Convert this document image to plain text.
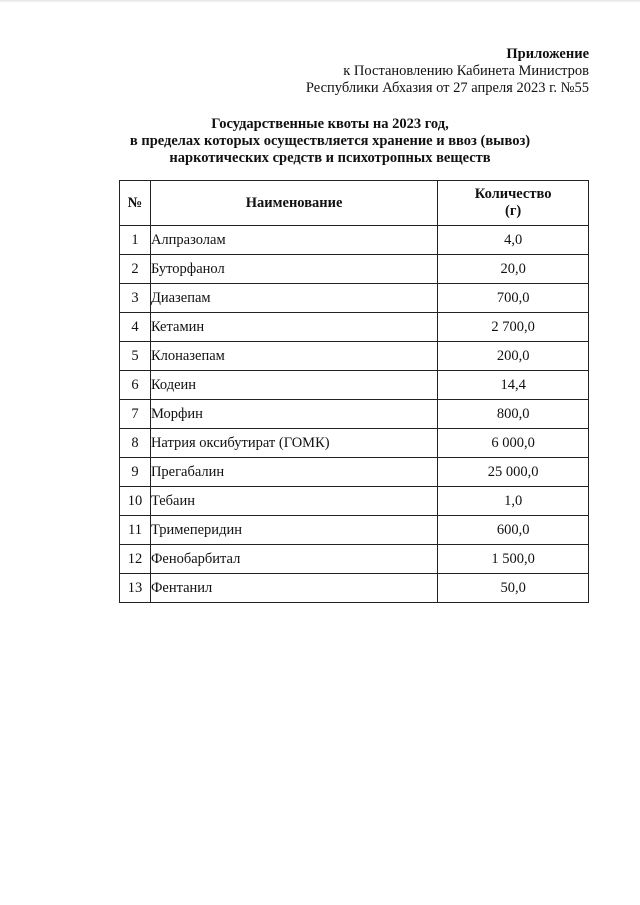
Приложение
к Постановлению Кабинета Министров
Республики Абхазия от 27 апреля 2023 г. №55
Государственные квоты на 2023 год,
в пределах которых осуществляется хранение и ввоз (вывоз)
наркотических средств и психотропных веществ
№	Наименование	Количество
(г)

1	Алпразолам	4,0
2	Буторфанол	20,0
3	Диазепам	700,0
4	Кетамин	2 700,0
5	Клоназепам	200,0
6	Кодеин	14,4
7	Морфин	800,0
8	Натрия оксибутират (ГОМК)	6 000,0
9	Прегабалин	25 000,0
10	Тебаин	1,0
11	Тримеперидин	600,0
12	Фенобарбитал	1 500,0
13	Фентанил	50,0
